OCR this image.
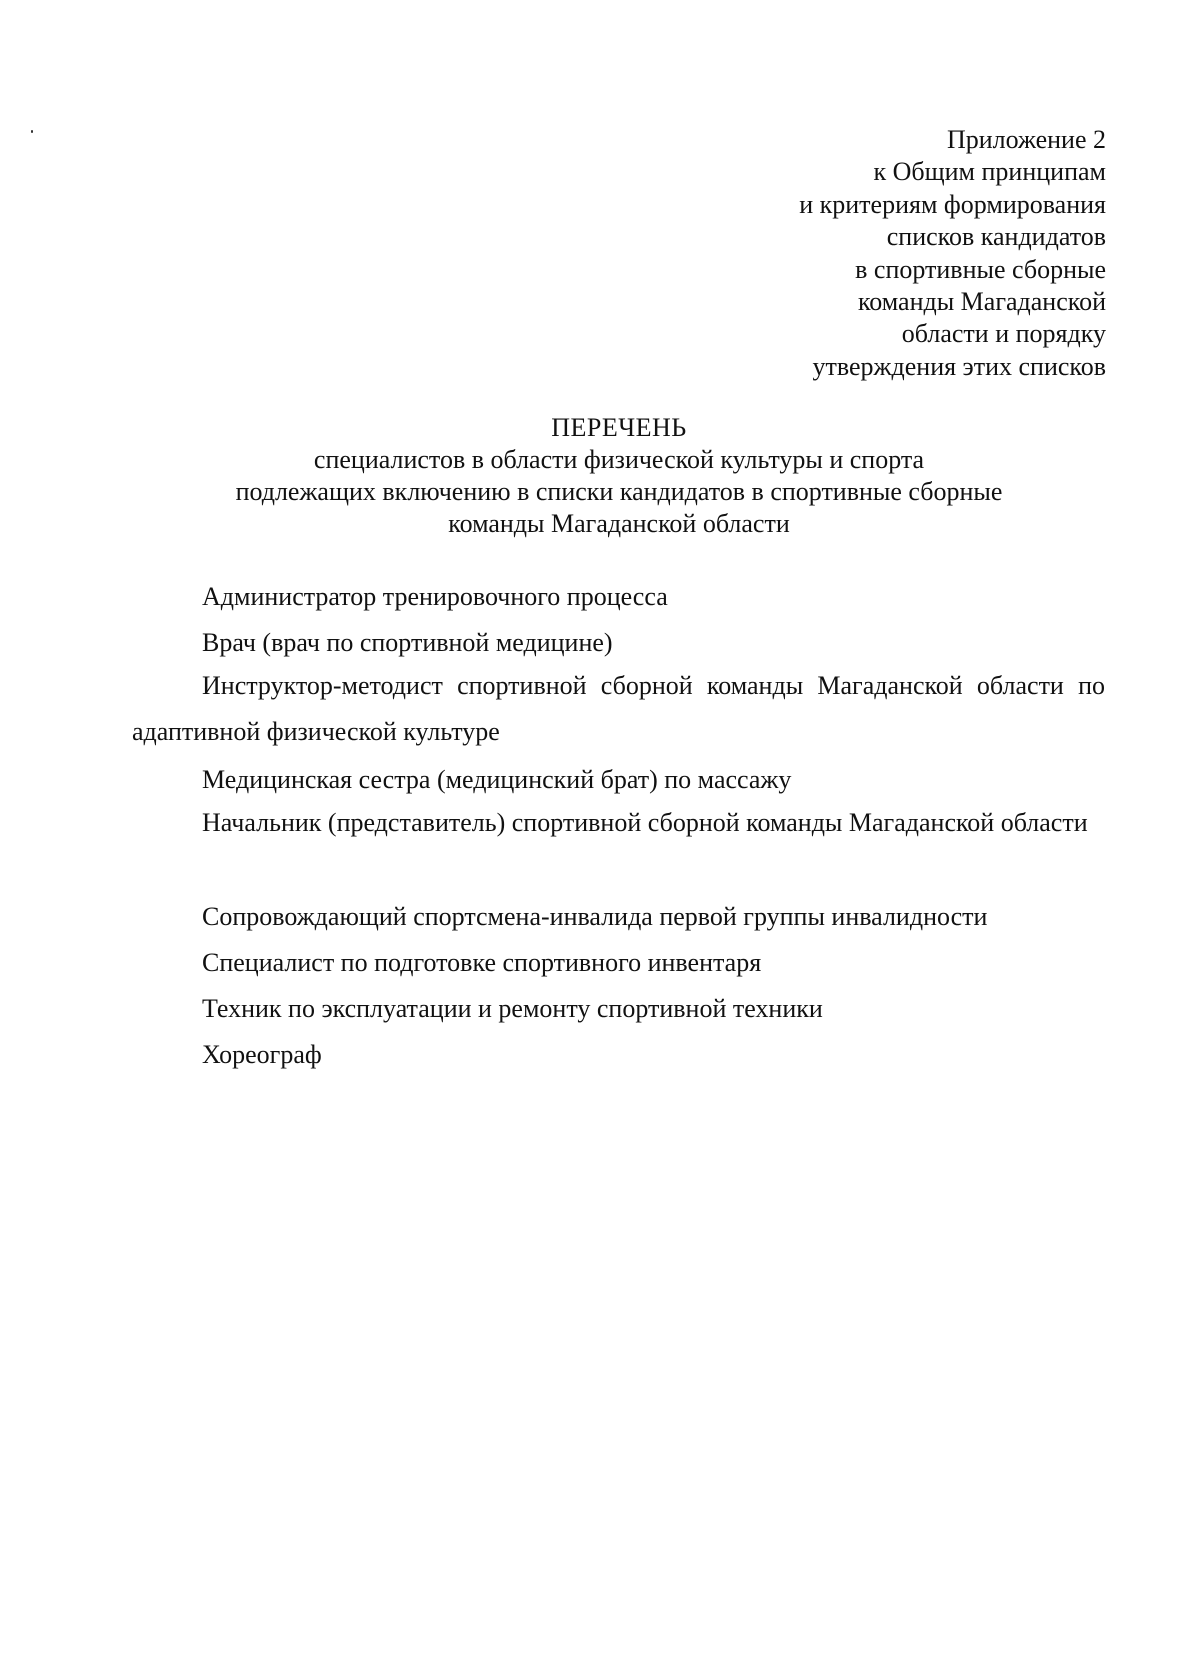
Приложение 2
к Общим принципам
и критериям формирования
списков кандидатов
в спортивные сборные
команды Магаданской
области и порядку
утверждения этих списков
ПЕРЕЧЕНЬ
специалистов в области физической культуры и спорта
подлежащих включению в списки кандидатов в спортивные сборные
команды Магаданской области
Администратор тренировочного процесса
Врач (врач по спортивной медицине)
Инструктор-методист спортивной сборной команды Магаданской области по адаптивной физической культуре
Медицинская сестра (медицинский брат) по массажу
Начальник (представитель) спортивной сборной команды Магаданской области
Сопровождающий спортсмена-инвалида первой группы инвалидности
Специалист по подготовке спортивного инвентаря
Техник по эксплуатации и ремонту спортивной техники
Хореограф
